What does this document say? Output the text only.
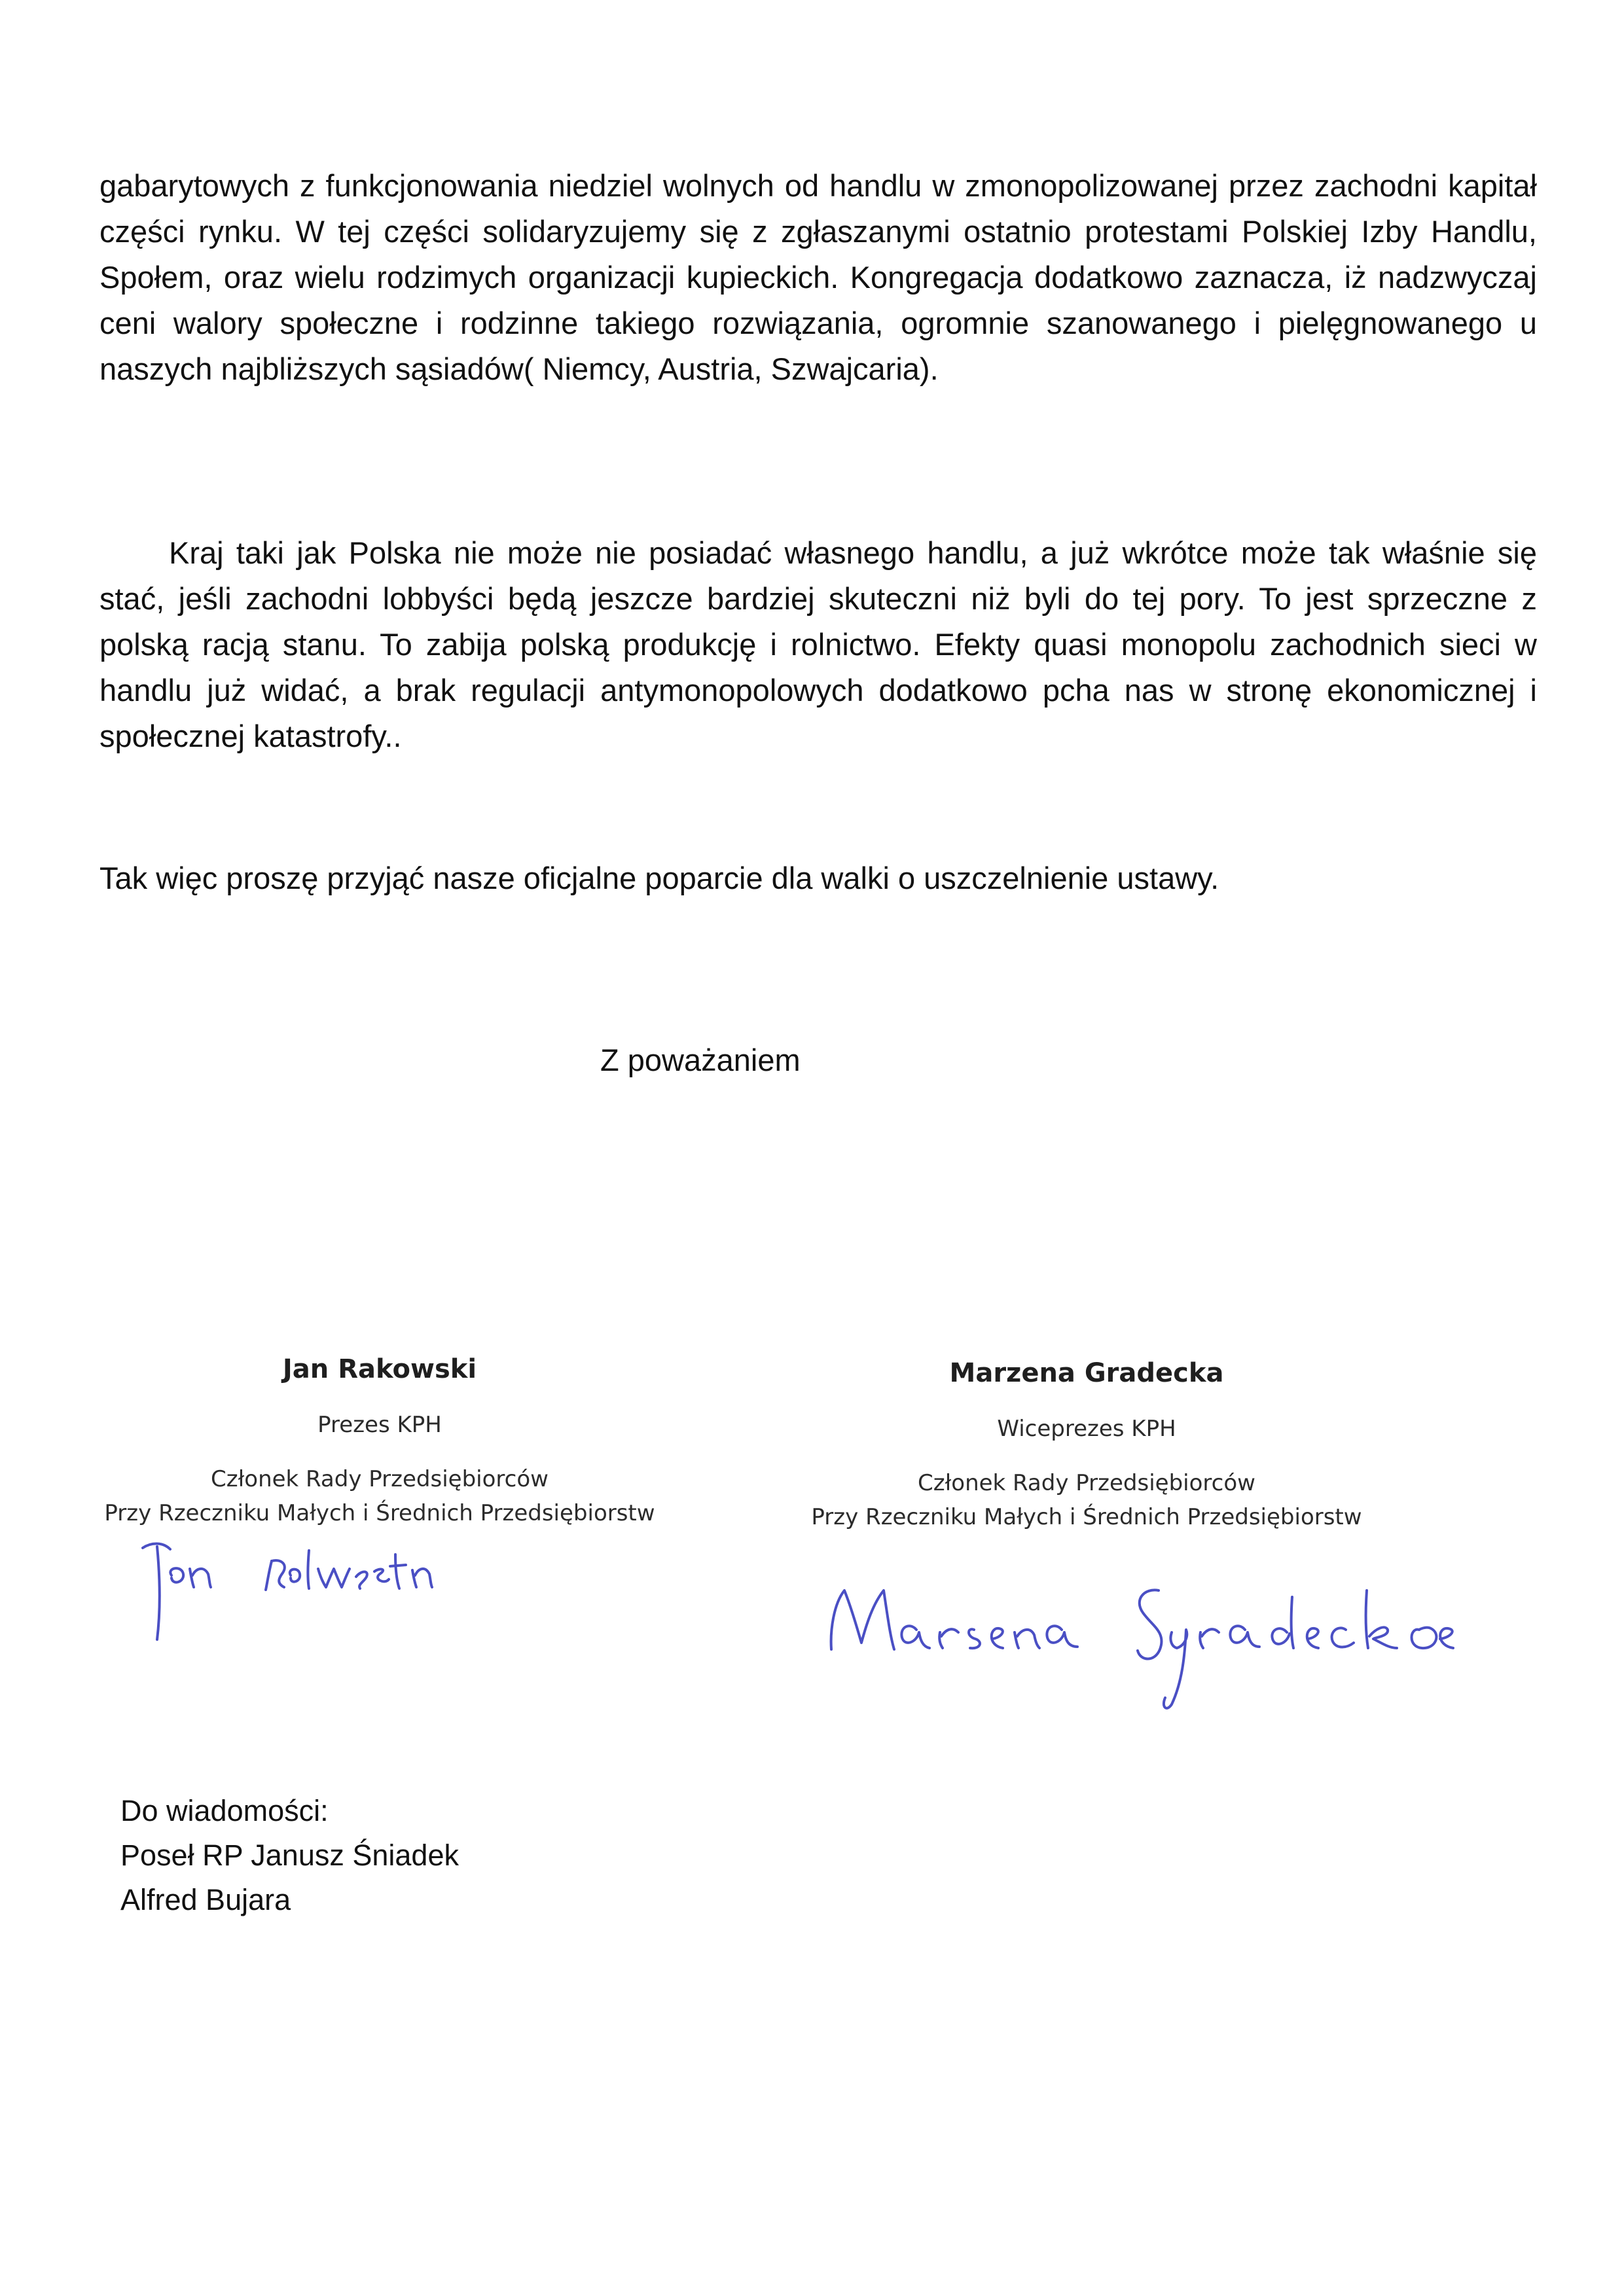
gabarytowych z funkcjonowania niedziel wolnych od handlu w zmonopolizowanej przez zachodni kapitał części rynku. W tej części solidaryzujemy się z zgłaszanymi ostatnio protestami Polskiej Izby Handlu, Społem, oraz wielu rodzimych organizacji kupieckich. Kongregacja dodatkowo zaznacza, iż nadzwyczaj ceni walory społeczne i rodzinne takiego rozwiązania, ogromnie szanowanego i pielęgnowanego u naszych najbliższych sąsiadów( Niemcy, Austria, Szwajcaria).

Kraj taki jak Polska nie może nie posiadać własnego handlu, a już wkrótce może tak właśnie się stać, jeśli zachodni lobbyści będą jeszcze bardziej skuteczni niż byli do tej pory. To jest sprzeczne z polską racją stanu. To zabija polską produkcję i rolnictwo. Efekty quasi monopolu zachodnich sieci w handlu już widać, a brak regulacji antymonopolowych dodatkowo pcha nas w stronę ekonomicznej i społecznej katastrofy..

Tak więc proszę przyjąć nasze oficjalne poparcie dla walki o uszczelnienie ustawy.

Z poważaniem
Jan Rakowski
Prezes KPH
Członek Rady Przedsiębiorców
Przy Rzeczniku Małych i Średnich Przedsiębiorstw
Marzena Gradecka
Wiceprezes KPH
Członek Rady Przedsiębiorców
Przy Rzeczniku Małych i Średnich Przedsiębiorstw
Do wiadomości:
Poseł RP Janusz Śniadek
Alfred Bujara
